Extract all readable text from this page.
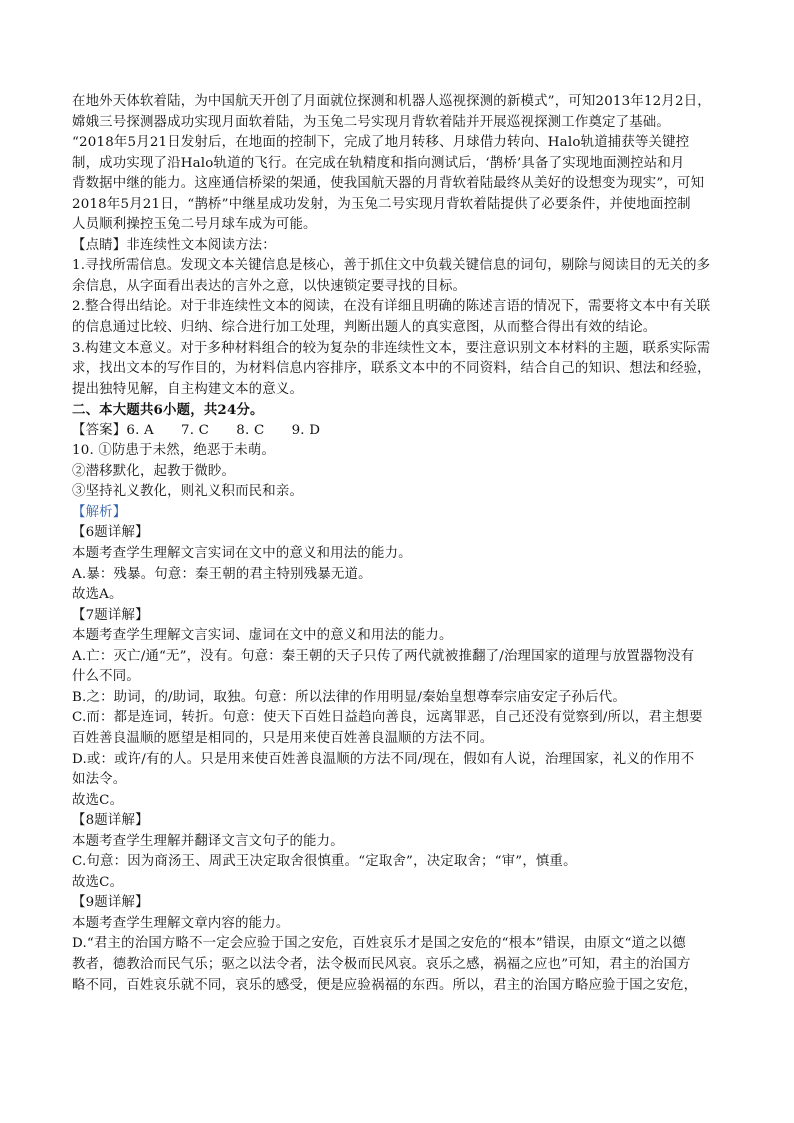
在地外天体软着陆，为中国航天开创了月面就位探测和机器人巡视探测的新模式”，可知2013年12月2日，
嫦娥三号探测器成功实现月面软着陆，为玉兔二号实现月背软着陆并开展巡视探测工作奠定了基础。
“2018年5月21日发射后，在地面的控制下，完成了地月转移、月球借力转向、Halo轨道捕获等关键控
制，成功实现了沿Halo轨道的飞行。在完成在轨精度和指向测试后，‘鹊桥’具备了实现地面测控站和月
背数据中继的能力。这座通信桥梁的架通，使我国航天器的月背软着陆最终从美好的设想变为现实”，可知
2018年5月21日，“鹊桥”中继星成功发射，为玉兔二号实现月背软着陆提供了必要条件，并使地面控制
人员顺利操控玉兔二号月球车成为可能。
【点睛】非连续性文本阅读方法：
1.寻找所需信息。发现文本关键信息是核心，善于抓住文中负载关键信息的词句，剔除与阅读目的无关的多
余信息，从字面看出表达的言外之意，以快速锁定要寻找的目标。
2.整合得出结论。对于非连续性文本的阅读，在没有详细且明确的陈述言语的情况下，需要将文本中有关联
的信息通过比较、归纳、综合进行加工处理，判断出题人的真实意图，从而整合得出有效的结论。
3.构建文本意义。对于多种材料组合的较为复杂的非连续性文本，要注意识别文本材料的主题，联系实际需
求，找出文本的写作目的，为材料信息内容排序，联系文本中的不同资料，结合自己的知识、想法和经验，
提出独特见解，自主构建文本的意义。
二、本大题共6小题，共24分。
【答案】6. A　　7. C　　8. C　　9. D
10. ①防患于未然，绝恶于未萌。
②潜移默化，起教于微眇。
③坚持礼义教化，则礼义积而民和亲。
【解析】
【6题详解】
本题考查学生理解文言实词在文中的意义和用法的能力。
A.暴：残暴。句意：秦王朝的君主特别残暴无道。
故选A。
【7题详解】
本题考查学生理解文言实词、虚词在文中的意义和用法的能力。
A.亡：灭亡/通“无”，没有。句意：秦王朝的天子只传了两代就被推翻了/治理国家的道理与放置器物没有
什么不同。
B.之：助词，的/助词，取独。句意：所以法律的作用明显/秦始皇想尊奉宗庙安定子孙后代。
C.而：都是连词，转折。句意：使天下百姓日益趋向善良，远离罪恶，自己还没有觉察到/所以，君主想要
百姓善良温顺的愿望是相同的，只是用来使百姓善良温顺的方法不同。
D.或：或许/有的人。只是用来使百姓善良温顺的方法不同/现在，假如有人说，治理国家，礼义的作用不
如法令。
故选C。
【8题详解】
本题考查学生理解并翻译文言文句子的能力。
C.句意：因为商汤王、周武王决定取舍很慎重。“定取舍”，决定取舍；“审”，慎重。
故选C。
【9题详解】
本题考查学生理解文章内容的能力。
D.“君主的治国方略不一定会应验于国之安危，百姓哀乐才是国之安危的“根本”错误，由原文“道之以德
教者，德教洽而民气乐；驱之以法令者，法令极而民风哀。哀乐之感，祸福之应也”可知，君主的治国方
略不同，百姓哀乐就不同，哀乐的感受，便是应验祸福的东西。所以，君主的治国方略应验于国之安危，
